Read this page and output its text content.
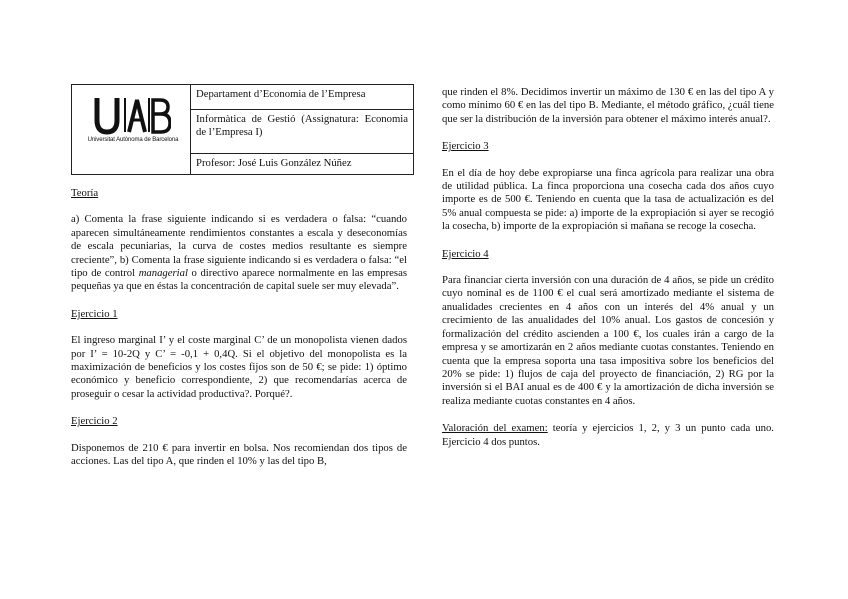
Universitat Autònoma de Barcelona
	Departament d’Economia de l’Empresa
Informàtica de Gestió (Assignatura: Economia de l’Empresa I)
Profesor: José Luis González Núñez

Teoría

a) Comenta la frase siguiente indicando si es verdadera o falsa: “cuando aparecen simultáneamente rendimientos constantes a escala y deseconomías de escala pecuniarias, la curva de costes medios resultante es siempre creciente”, b) Comenta la frase siguiente indicando si es verdadera o falsa: “el tipo de control managerial o directivo aparece normalmente en las empresas pequeñas ya que en éstas la concentración de capital suele ser muy elevada”.

Ejercicio 1

El ingreso marginal I’ y el coste marginal C’ de un monopolista vienen dados por I’ = 10-2Q y C’ = -0,1 + 0,4Q. Si el objetivo del monopolista es la maximización de beneficios y los costes fijos son de 50 €; se pide: 1) óptimo económico y beneficio correspondiente, 2) que recomendarías acerca de proseguir o cesar la actividad productiva?. Porqué?.

Ejercicio 2

Disponemos de 210 € para invertir en bolsa. Nos recomiendan dos tipos de acciones. Las del tipo A, que rinden el 10% y las del tipo B,

que rinden el 8%. Decidimos invertir un máximo de 130 € en las del tipo A y como mínimo 60 € en las del tipo B. Mediante, el método gráfico, ¿cuál tiene que ser la distribución de la inversión para obtener el máximo interés anual?.

Ejercicio 3

En el día de hoy debe expropiarse una finca agrícola para realizar una obra de utilidad pública. La finca proporciona una cosecha cada dos años cuyo importe es de 500 €. Teniendo en cuenta que la tasa de actualización es del 5% anual compuesta se pide: a) importe de la expropiación si ayer se recogió la cosecha, b) importe de la expropiación si mañana se recoge la cosecha.

Ejercicio 4

Para financiar cierta inversión con una duración de 4 años, se pide un crédito cuyo nominal es de 1100 € el cual será amortizado mediante el sistema de anualidades crecientes en 4 años con un interés del 4% anual y un crecimiento de las anualidades del 10% anual. Los gastos de concesión y formalización del crédito ascienden a 100 €, los cuales irán a cargo de la empresa y se amortizarán en 2 años mediante cuotas constantes. Teniendo en cuenta que la empresa soporta una tasa impositiva sobre los beneficios del 20% se pide: 1) flujos de caja del proyecto de financiación, 2) RG por la inversión si el BAI anual es de 400 € y la amortización de dicha inversión se realiza mediante cuotas constantes en 4 años.

Valoración del examen: teoría y ejercicios 1, 2, y 3 un punto cada uno. Ejercicio 4 dos puntos.
